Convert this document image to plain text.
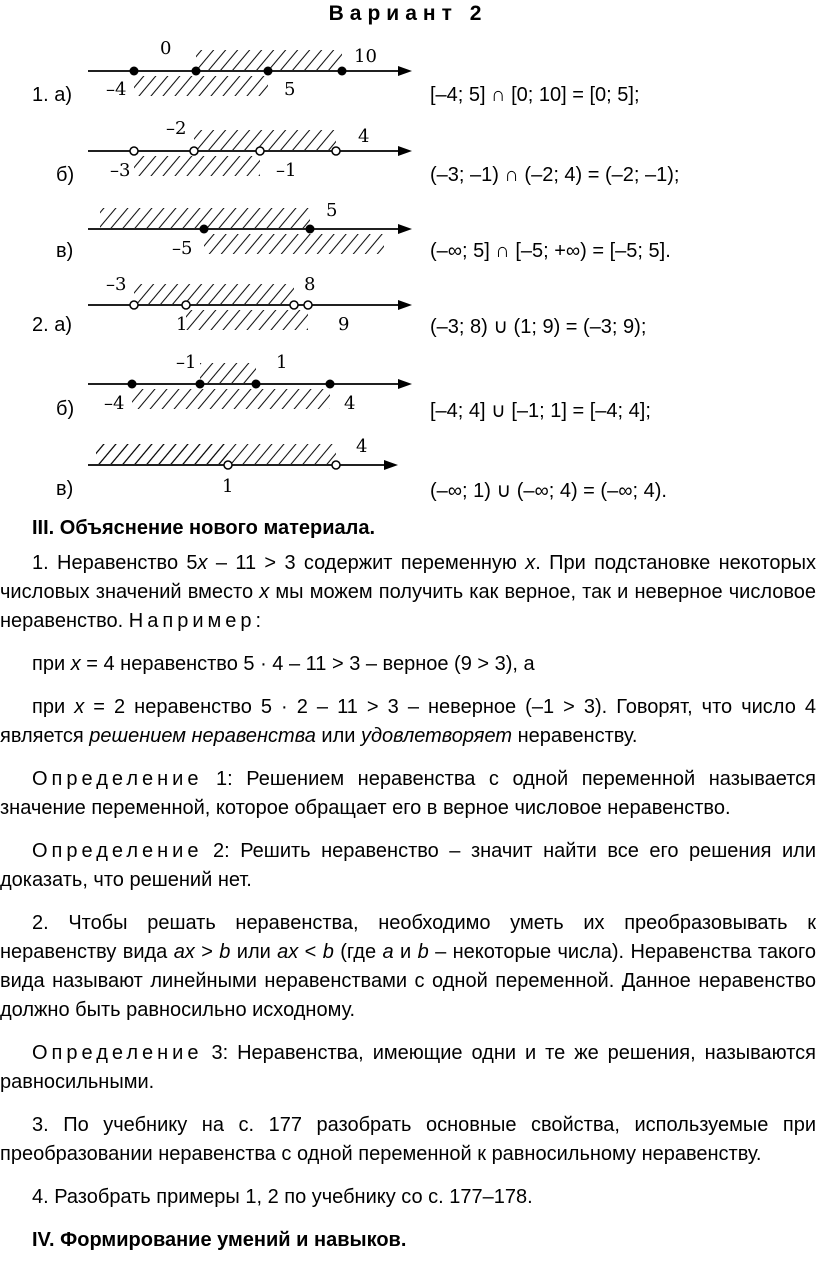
Вариант 2
1. а)	[–4; 5] ∩ [0; 10] = [0; 5];
0	10
–4	5
б)	(–3; –1) ∩ (–2; 4) = (–2; –1);
–2	4
–3	–1
в)	(–∞; 5] ∩ [–5; +∞) = [–5; 5].
5
–5
2. а)	(–3; 8) ∪ (1; 9) = (–3; 9);
–3	8
1	9
б)	[–4; 4] ∪ [–1; 1] = [–4; 4];
–1	1
–4	4
в)	(–∞; 1) ∪ (–∞; 4) = (–∞; 4).
4
1

III. Объяснение нового материала.

1. Неравенство 5x – 11 > 3 содержит переменную x. При подстановке некоторых числовых значений вместо x мы можем получить как верное, так и неверное числовое неравенство. Например:

при x = 4 неравенство 5 · 4 – 11 > 3 – верное (9 > 3), а

при x = 2 неравенство 5 · 2 – 11 > 3 – неверное (–1 > 3). Говорят, что число 4 является решением неравенства или удовлетворяет неравенству.

Определение 1: Решением неравенства с одной переменной называется значение переменной, которое обращает его в верное числовое неравенство.

Определение 2: Решить неравенство – значит найти все его решения или доказать, что решений нет.

2. Чтобы решать неравенства, необходимо уметь их преобразовывать к неравенству вида ах > b или ах < b (где а и b – некоторые числа). Неравенства такого вида называют линейными неравенствами с одной переменной. Данное неравенство должно быть равносильно исходному.

Определение 3: Неравенства, имеющие одни и те же решения, называются равносильными.

3. По учебнику на с. 177 разобрать основные свойства, используемые при преобразовании неравенства с одной переменной к равносильному неравенству.

4. Разобрать примеры 1, 2 по учебнику со с. 177–178.

IV. Формирование умений и навыков.
